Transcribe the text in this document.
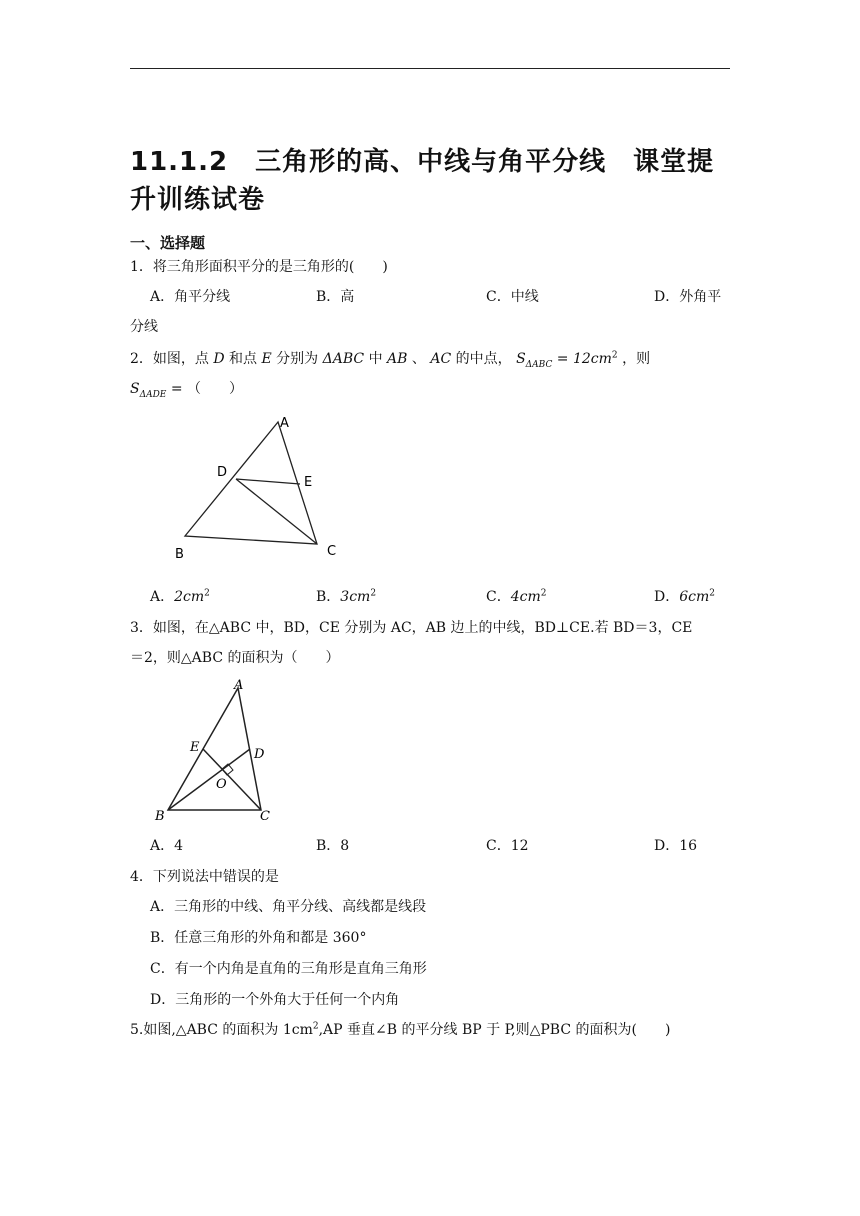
11.1.2　三角形的高、中线与角平分线　课堂提升训练试卷
一、选择题
1．将三角形面积平分的是三角形的(　　)
A．角平分线	B．高	C．中线	D．外角平
分线
2．如图，点 D 和点 E 分别为 ΔABC 中 AB 、 AC 的中点， $S_{\Delta ABC} = 12cm^2$ ，则
$S_{\Delta ADE}$ = （　　）
A
D
E
B	C
A．$2cm^2$	B．$3cm^2$	C．$4cm^2$	D．$6cm^2$
3．如图，在△ABC 中，BD，CE 分别为 AC，AB 边上的中线，BD⊥CE.若 BD＝3，CE
＝2，则△ABC 的面积为（　　）
A
E	D
O
B	C
A．4	B．8	C．12	D．16
4．下列说法中错误的是
A．三角形的中线、角平分线、高线都是线段
B．任意三角形的外角和都是 360°
C．有一个内角是直角的三角形是直角三角形
D．三角形的一个外角大于任何一个内角
5.如图,△ABC 的面积为 $1cm^2,AP$ 垂直∠B 的平分线 BP 于 P,则△PBC 的面积为(　　)
